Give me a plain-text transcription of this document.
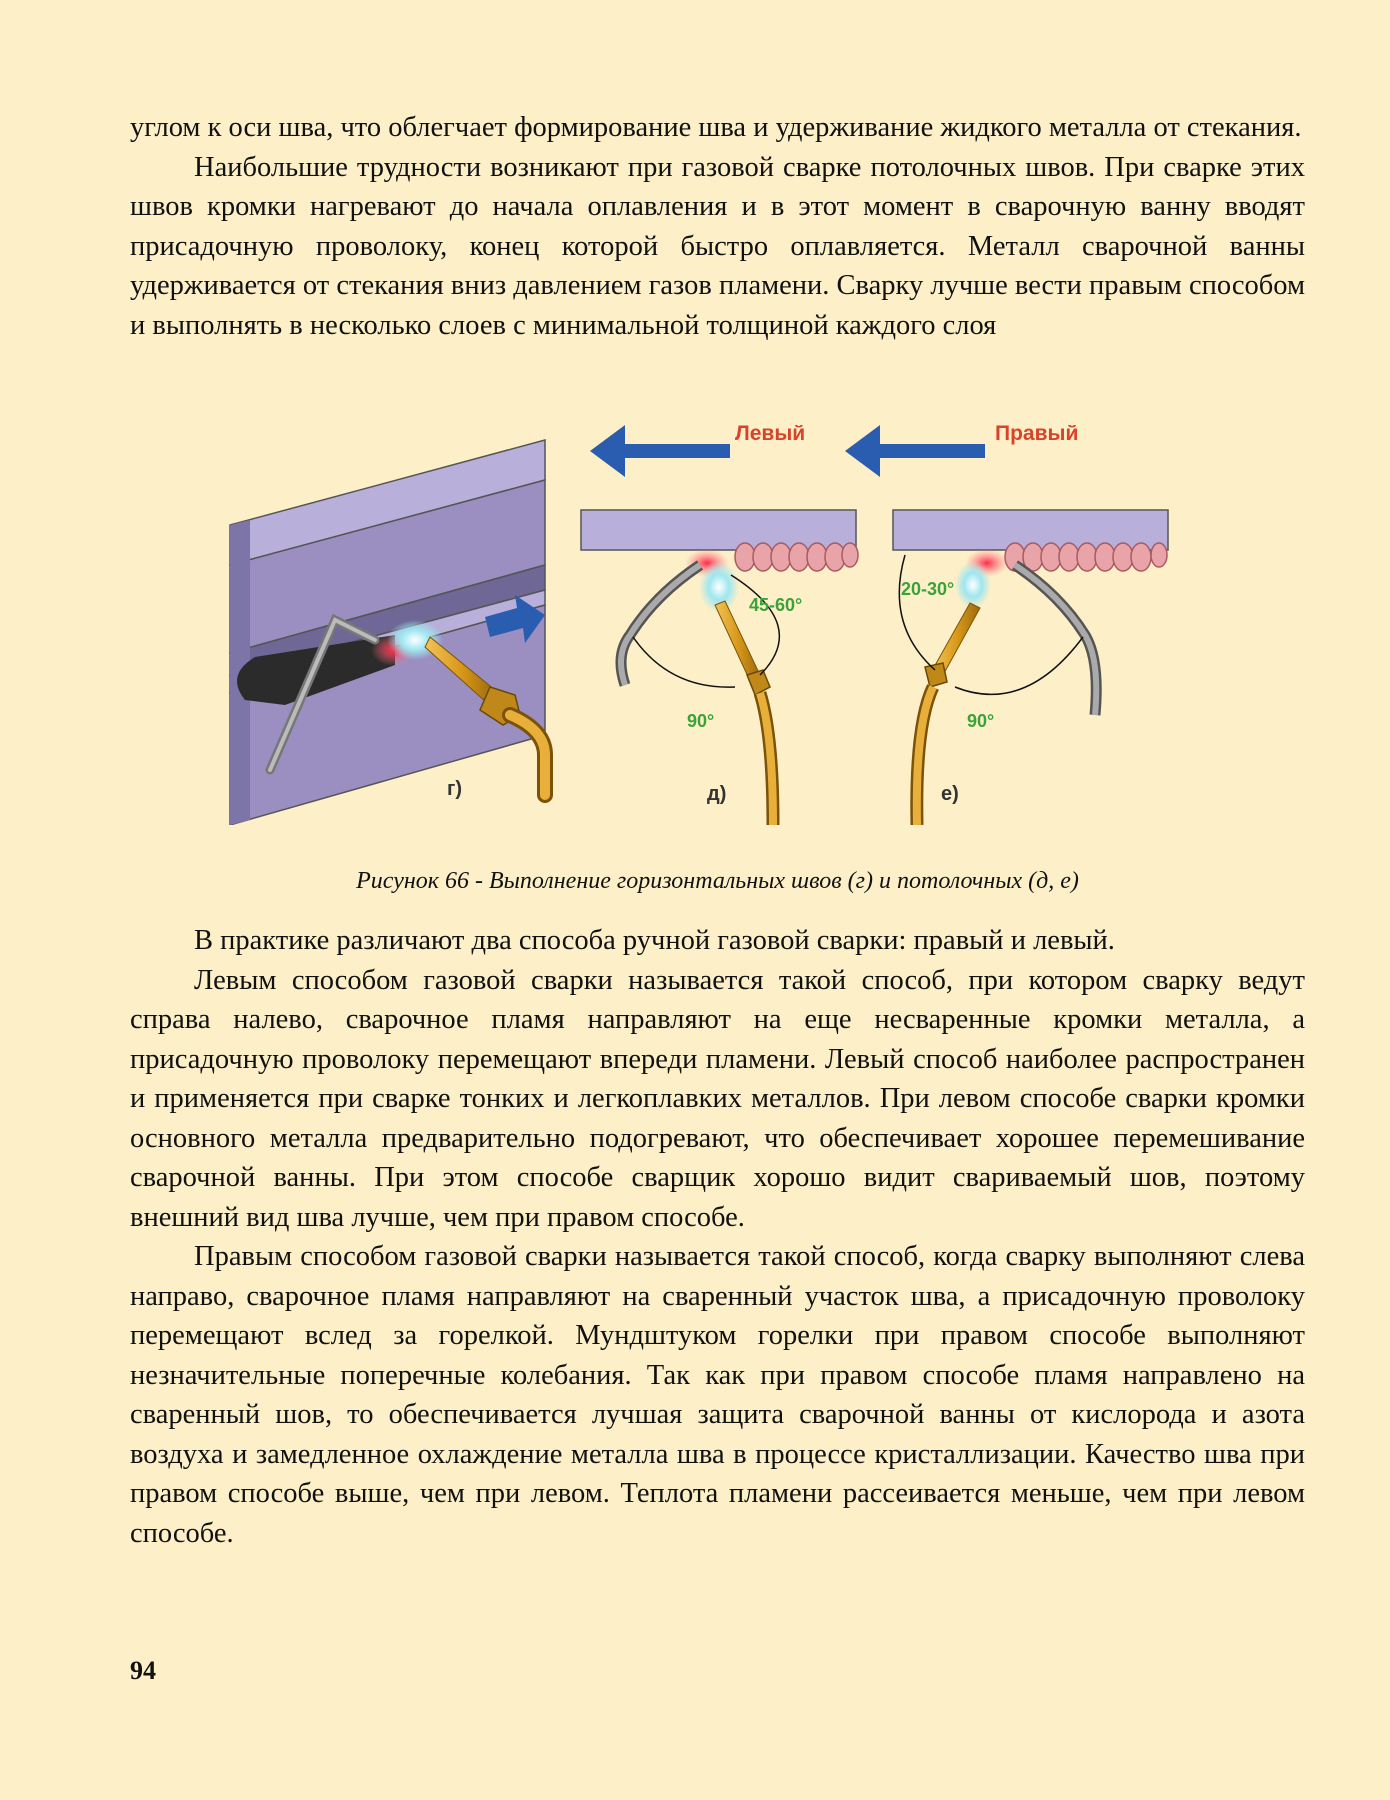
углом к оси шва, что облегчает формирование шва и удерживание жидкого металла от стекания.

Наибольшие трудности возникают при газовой сварке потолочных швов. При сварке этих швов кромки нагревают до начала оплавления и в этот момент в сварочную ванну вводят присадочную проволоку, конец которой быстро оплавляется. Металл сварочной ванны удерживается от стекания вниз давлением газов пламени. Сварку лучше вести правым способом и выполнять в несколько слоев с минимальной толщиной каждого слоя

г)
Левый
45-60°
90°
д)
Правый
20-30°
90°
е)
Рисунок 66 - Выполнение горизонтальных швов (г) и потолочных (д, е)

В практике различают два способа ручной газовой сварки: правый и левый.

Левым способом газовой сварки называется такой способ, при котором сварку ведут справа налево, сварочное пламя направляют на еще несваренные кромки металла, а присадочную проволоку перемещают впереди пламени. Левый способ наиболее распространен и применяется при сварке тонких и легкоплавких металлов. При левом способе сварки кромки основного металла предварительно подогревают, что обеспечивает хорошее перемешивание сварочной ванны. При этом способе сварщик хорошо видит свариваемый шов, поэтому внешний вид шва лучше, чем при правом способе.

Правым способом газовой сварки называется такой способ, когда сварку выполняют слева направо, сварочное пламя направляют на сваренный участок шва, а присадочную проволоку перемещают вслед за горелкой. Мундштуком горелки при правом способе выполняют незначительные поперечные колебания. Так как при правом способе пламя направлено на сваренный шов, то обеспечивается лучшая защита сварочной ванны от кислорода и азота воздуха и замедленное охлаждение металла шва в процессе кристаллизации. Качество шва при правом способе выше, чем при левом. Теплота пламени рассеивается меньше, чем при левом способе.

94
